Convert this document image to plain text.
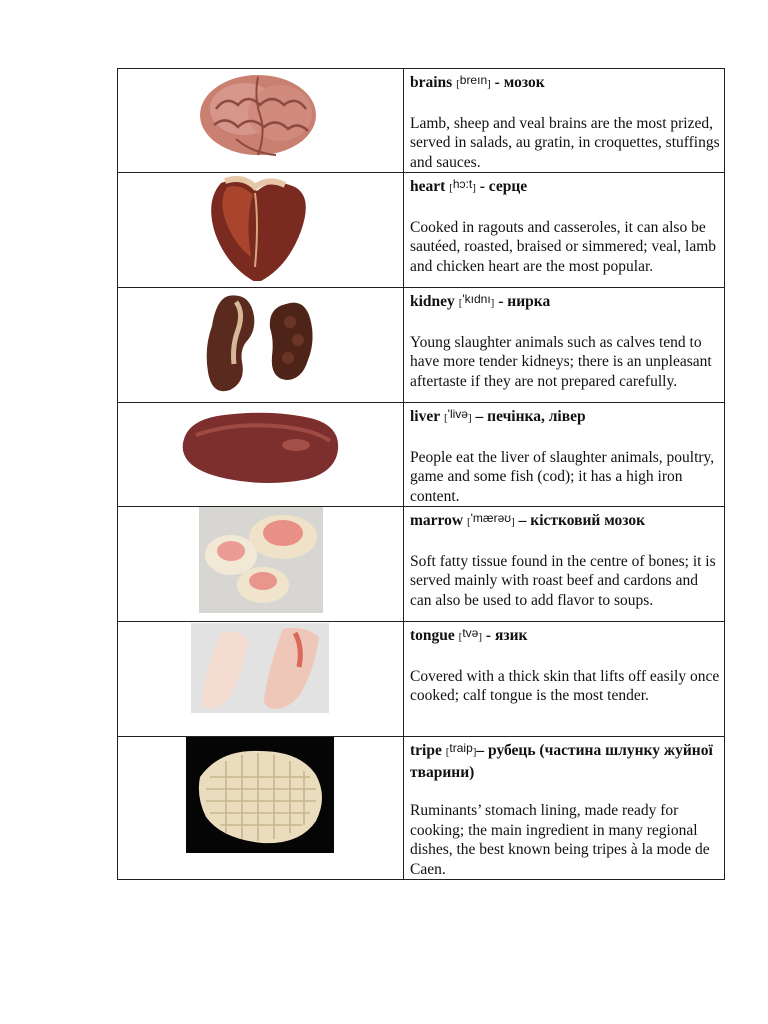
brains [breın] - мозок
Lamb, sheep and veal brains are the most prized, served in salads, au gratin, in croquettes, stuffings and sauces.

heart [hɔ:t] - серце
Cooked in ragouts and casseroles, it can also be sautéed, roasted, braised or simmered; veal, lamb and chicken heart are the most popular.

kidney ['kıdnı] - нирка
Young slaughter animals such as calves tend to have more tender kidneys; there is an unpleasant aftertaste if they are not prepared carefully.

liver ['livə] – печінка, лівер
People eat the liver of slaughter animals, poultry, game and some fish (cod); it has a high iron content.

marrow ['mærəʊ] – кістковий мозок
Soft fatty tissue found in the centre of bones; it is served mainly with roast beef and cardons and can also be used to add flavor to soups.

tongue [tvə] - язик
Covered with a thick skin that lifts off easily once cooked; calf tongue is the most tender.

tripe [traip]– рубець (частина шлунку жуйної тварини)
Ruminants’ stomach lining, made ready for cooking; the main ingredient in many regional dishes, the best known being tripes à la mode de Caen.
